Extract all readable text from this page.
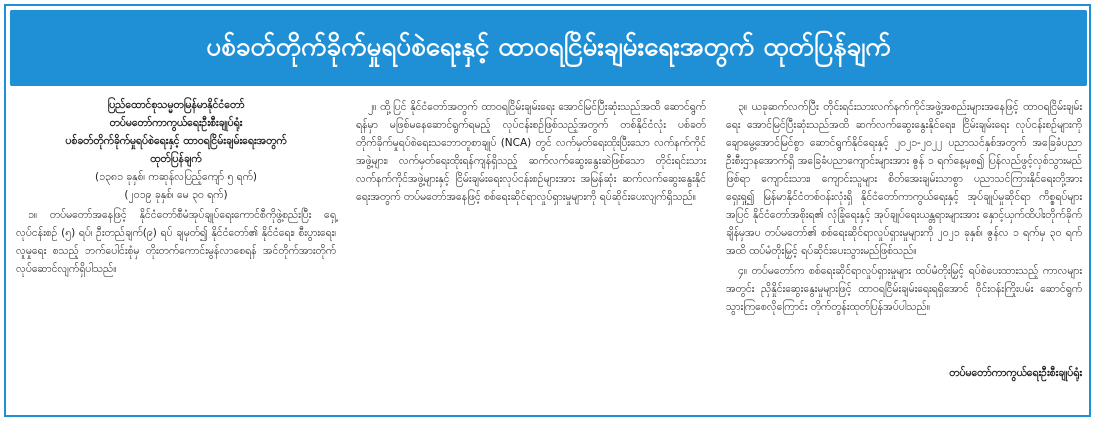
ပစ်ခတ်တိုက်ခိုက်မှုရပ်စဲရေးနှင့် ထာဝရငြိမ်းချမ်းရေးအတွက် ထုတ်ပြန်ချက်

ပြည်ထောင်စုသမ္မတမြန်မာနိုင်ငံတော်

တပ်မတော်ကာကွယ်ရေးဦးစီးချုပ်ရုံး

ပစ်ခတ်တိုက်ခိုက်မှုရပ်စဲရေးနှင့် ထာဝရငြိမ်းချမ်းရေးအတွက်

ထုတ်ပြန်ချက်

(၁၃၈၁ ခုနှစ်၊ ကဆုန်လပြည့်ကျော် ၅ ရက်)

(၂၀၁၉ ခုနှစ်၊ မေ ၃၀ ရက်)

၁။ တပ်မတော်အနေဖြင့် နိုင်ငံတော်စီမံအုပ်ချုပ်ရေးကောင်စီကိုဖွဲ့စည်းပြီး ရှေ့လုပ်ငန်းစဉ် (၅) ရပ်၊ ဦးတည်ချက်(၉) ရပ် ချမှတ်၍ နိုင်ငံတော်၏ နိုင်ငံရေး၊ စီးပွားရေး၊ လူမှုရေး စသည့် ဘက်ပေါင်းစုံမှ တိုးတက်ကောင်းမွန်လာစေရန် အင်တိုက်အားတိုက် လုပ်ဆောင်လျက်ရှိပါသည်။

၂။ ထို့ပြင် နိုင်ငံတော်အတွက် ထာဝရငြိမ်းချမ်းရေး အောင်မြင်ပြီးဆုံးသည်အထိ ဆောင်ရွက်ရန်မှာ မဖြစ်မနေဆောင်ရွက်ရမည့် လုပ်ငန်းစဉ်ဖြစ်သည့်အတွက် တစ်နိုင်ငံလုံး ပစ်ခတ်တိုက်ခိုက်မှုရပ်စဲရေးသဘောတူစာချုပ် (NCA) တွင် လက်မှတ်ရေးထိုးပြီးသော လက်နက်ကိုင်အဖွဲ့များ၊ လက်မှတ်ရေးထိုးရန်ကျန်ရှိသည့် ဆက်လက်ဆွေးနွေးဆဲဖြစ်သော တိုင်းရင်းသား လက်နက်ကိုင်အဖွဲ့များနှင့် ငြိမ်းချမ်းရေးလုပ်ငန်းစဉ်များအား အမြန်ဆုံး ဆက်လက်ဆွေးနွေးနိုင်ရေးအတွက် တပ်မတော်အနေဖြင့် စစ်ရေးဆိုင်ရာလှုပ်ရှားမှုများကို ရပ်ဆိုင်းပေးလျက်ရှိသည်။

၃။ ယခုဆက်လက်ပြီး တိုင်းရင်းသားလက်နက်ကိုင်အဖွဲ့အစည်းများအနေဖြင့် ထာဝရငြိမ်းချမ်းရေး အောင်မြင်ပြီးဆုံးသည်အထိ ဆက်လက်ဆွေးနွေးနိုင်ရေး၊ ငြိမ်းချမ်းရေး လုပ်ငန်းစဉ်များကို ချောမွေ့အောင်မြင်စွာ ဆောင်ရွက်နိုင်ရေးနှင့် ၂၀၂၁-၂၀၂၂ ပညာသင်နှစ်အတွက် အခြေခံပညာဦးစီးဌာနအောက်ရှိ အခြေခံပညာကျောင်းများအား ဇွန် ၁ ရက်နေ့မှစ၍ ပြန်လည်ဖွင့်လှစ်သွားမည်ဖြစ်ရာ ကျောင်းသား၊ ကျောင်းသူများ စိတ်အေးချမ်းသာစွာ ပညာသင်ကြားနိုင်ရေးတို့အား ရှေးရှု၍ မြန်မာနိုင်ငံတစ်ဝန်းလုံးရှိ နိုင်ငံတော်ကာကွယ်ရေးနှင့် အုပ်ချုပ်မှုဆိုင်ရာ ကိစ္စရပ်များအပြင် နိုင်ငံတော်အစိုးရ၏ လုံခြုံရေးနှင့် အုပ်ချုပ်ရေးယန္တရားများအား နှောင့်ယှက်ထိပါးတိုက်ခိုက်ချိန်မှအပ တပ်မတော်၏ စစ်ရေးဆိုင်ရာလှုပ်ရှားမှုများကို ၂၀၂၁ ခုနှစ်၊ ဇွန်လ ၁ ရက်မှ ၃၀ ရက်အထိ ထပ်မံတိုးမြှင့် ရပ်ဆိုင်းပေးသွားမည်ဖြစ်သည်။

၄။ တပ်မတော်က စစ်ရေးဆိုင်ရာလှုပ်ရှားမှုများ ထပ်မံတိုးမြှင့် ရပ်စဲပေးထားသည့် ကာလများအတွင်း ညှိနှိုင်းဆွေးနွေးမှုများဖြင့် ထာဝရငြိမ်းချမ်းရေးရရှိအောင် ဝိုင်းဝန်းကြိုးပမ်း ဆောင်ရွက်သွားကြစေလိုကြောင်း တိုက်တွန်းထုတ်ပြန်အပ်ပါသည်။

တပ်မတော်ကာကွယ်ရေးဦးစီးချုပ်ရုံး
